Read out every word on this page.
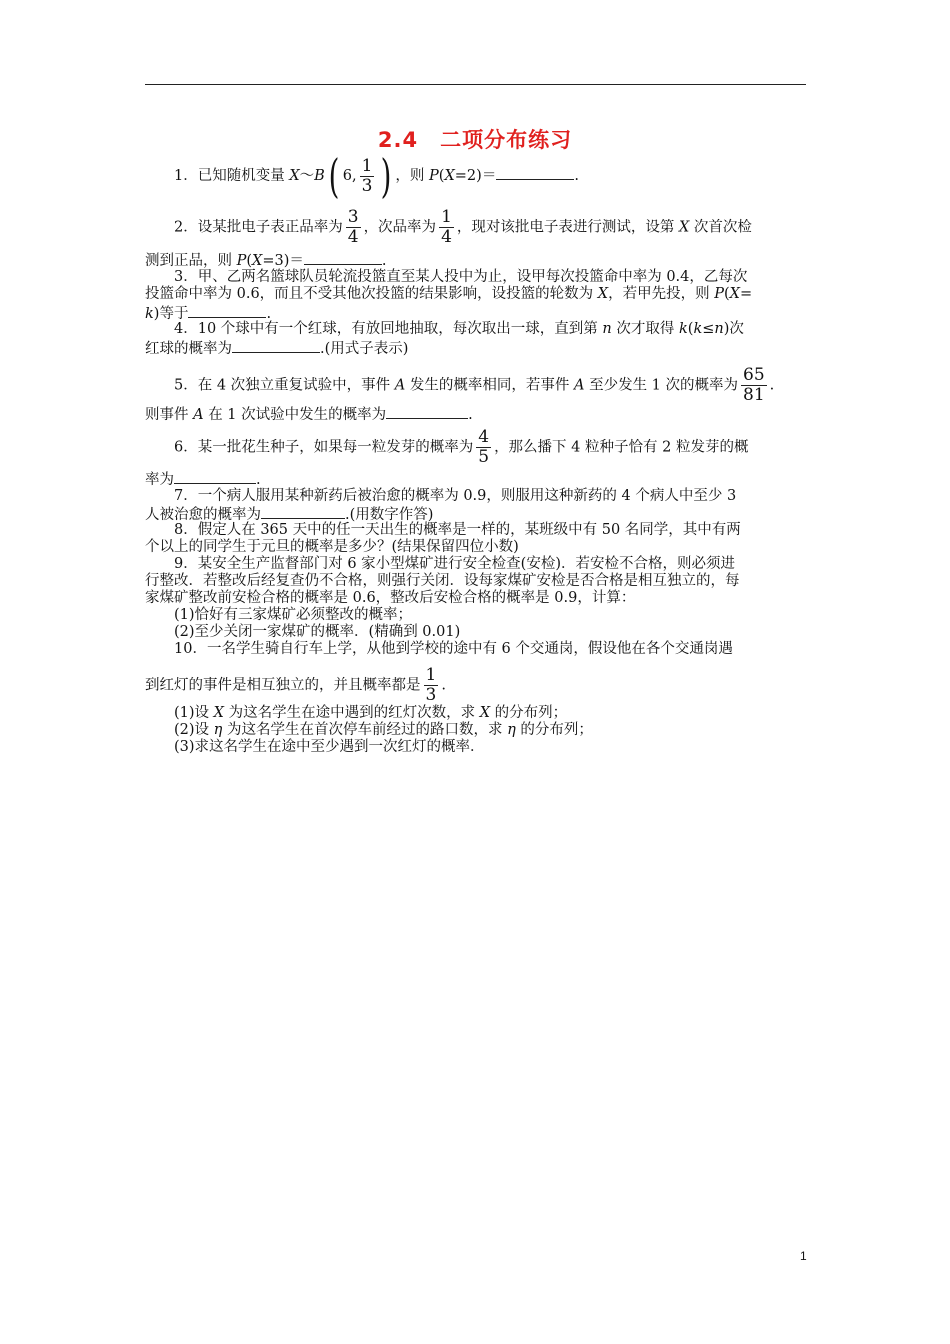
2.4　二项分布练习
1．已知随机变量 X～B( 6, $\frac{1}{3}$ ) ，则 P(X=2)＝	.
2．设某批电子表正品率为 $\frac{3}{4}$ ，次品率为 $\frac{1}{4}$ ，现对该批电子表进行测试，设第 X 次首次检
测到正品，则 P(X=3)＝	.
3．甲、乙两名篮球队员轮流投篮直至某人投中为止，设甲每次投篮命中率为 0.4，乙每次
投篮命中率为 0.6，而且不受其他次投篮的结果影响，设投篮的轮数为 X，若甲先投，则 P(X=
k)等于	.
4．10 个球中有一个红球，有放回地抽取，每次取出一球，直到第 n 次才取得 k(k≤n)次
红球的概率为	.(用式子表示)
5．在 4 次独立重复试验中，事件 A 发生的概率相同，若事件 A 至少发生 1 次的概率为 $\frac{65}{81}$ .
则事件 A 在 1 次试验中发生的概率为	.
6．某一批花生种子，如果每一粒发芽的概率为 $\frac{4}{5}$ ，那么播下 4 粒种子恰有 2 粒发芽的概
率为	.
7．一个病人服用某种新药后被治愈的概率为 0.9，则服用这种新药的 4 个病人中至少 3
人被治愈的概率为	.(用数字作答)
8．假定人在 365 天中的任一天出生的概率是一样的，某班级中有 50 名同学，其中有两
个以上的同学生于元旦的概率是多少？(结果保留四位小数)
9．某安全生产监督部门对 6 家小型煤矿进行安全检查(安检)．若安检不合格，则必须进
行整改．若整改后经复查仍不合格，则强行关闭．设每家煤矿安检是否合格是相互独立的，每
家煤矿整改前安检合格的概率是 0.6，整改后安检合格的概率是 0.9，计算：
(1)恰好有三家煤矿必须整改的概率；
(2)至少关闭一家煤矿的概率．(精确到 0.01)
10．一名学生骑自行车上学，从他到学校的途中有 6 个交通岗，假设他在各个交通岗遇
到红灯的事件是相互独立的，并且概率都是 $\frac{1}{3}$ .
(1)设 X 为这名学生在途中遇到的红灯次数，求 X 的分布列；
(2)设 η 为这名学生在首次停车前经过的路口数，求 η 的分布列；
(3)求这名学生在途中至少遇到一次红灯的概率．
1
